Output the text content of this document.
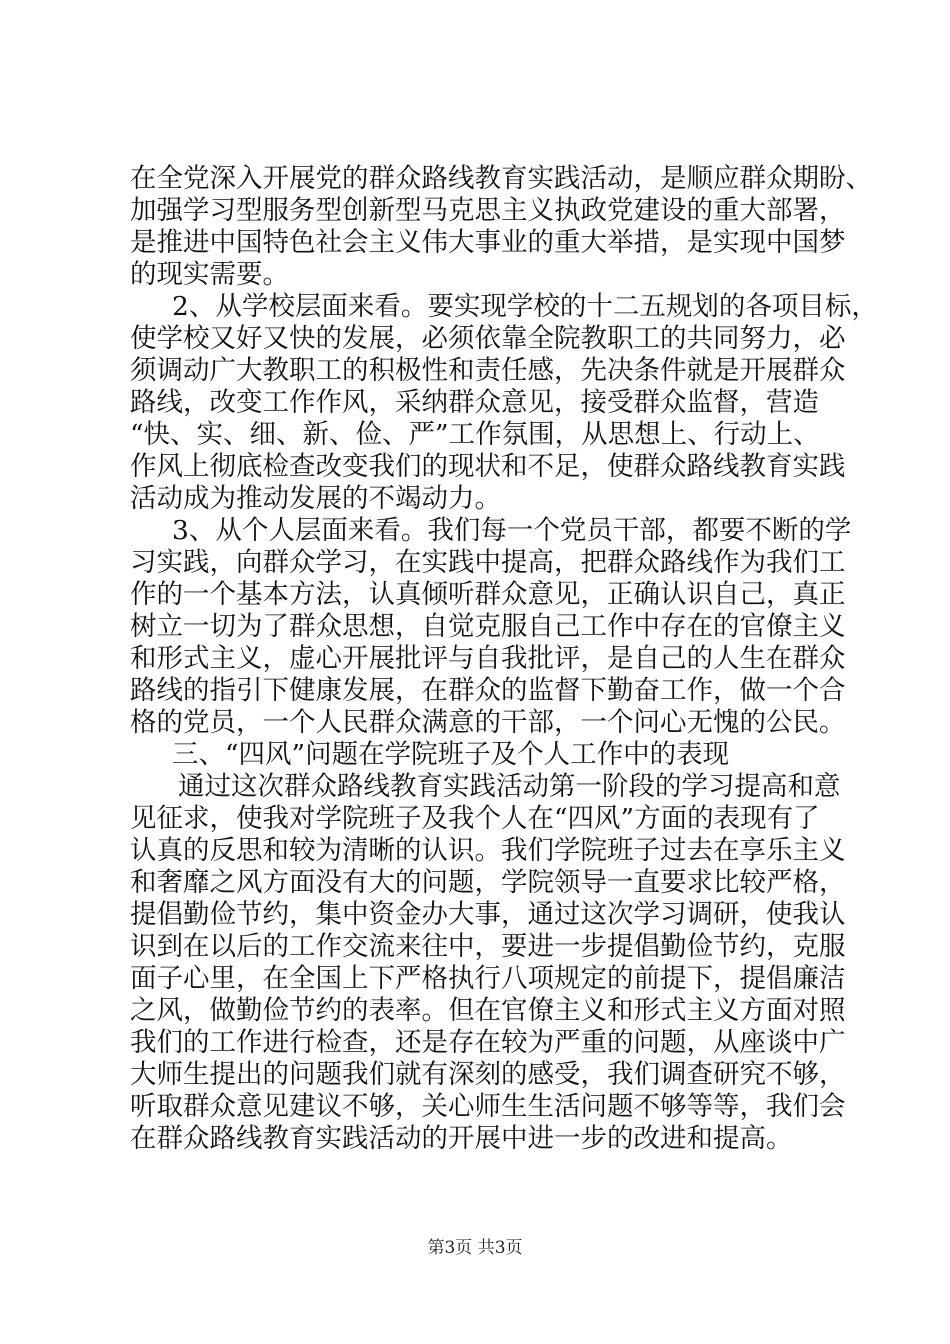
在全党深入开展党的群众路线教育实践活动，是顺应群众期盼、
加强学习型服务型创新型马克思主义执政党建设的重大部署，
是推进中国特色社会主义伟大事业的重大举措，是实现中国梦
的现实需要。
2、从学校层面来看。要实现学校的十二五规划的各项目标，
使学校又好又快的发展，必须依靠全院教职工的共同努力，必
须调动广大教职工的积极性和责任感，先决条件就是开展群众
路线，改变工作作风，采纳群众意见，接受群众监督，营造
“快、实、细、新、俭、严”工作氛围，从思想上、行动上、
作风上彻底检查改变我们的现状和不足，使群众路线教育实践
活动成为推动发展的不竭动力。
3、从个人层面来看。我们每一个党员干部，都要不断的学
习实践，向群众学习，在实践中提高，把群众路线作为我们工
作的一个基本方法，认真倾听群众意见，正确认识自己，真正
树立一切为了群众思想，自觉克服自己工作中存在的官僚主义
和形式主义，虚心开展批评与自我批评，是自己的人生在群众
路线的指引下健康发展，在群众的监督下勤奋工作，做一个合
格的党员，一个人民群众满意的干部，一个问心无愧的公民。
三、“四风”问题在学院班子及个人工作中的表现
通过这次群众路线教育实践活动第一阶段的学习提高和意
见征求，使我对学院班子及我个人在“四风”方面的表现有了
认真的反思和较为清晰的认识。我们学院班子过去在享乐主义
和奢靡之风方面没有大的问题，学院领导一直要求比较严格，
提倡勤俭节约，集中资金办大事，通过这次学习调研，使我认
识到在以后的工作交流来往中，要进一步提倡勤俭节约，克服
面子心里，在全国上下严格执行八项规定的前提下，提倡廉洁
之风，做勤俭节约的表率。但在官僚主义和形式主义方面对照
我们的工作进行检查，还是存在较为严重的问题，从座谈中广
大师生提出的问题我们就有深刻的感受，我们调查研究不够，
听取群众意见建议不够，关心师生生活问题不够等等，我们会
在群众路线教育实践活动的开展中进一步的改进和提高。
第3页 共3页
